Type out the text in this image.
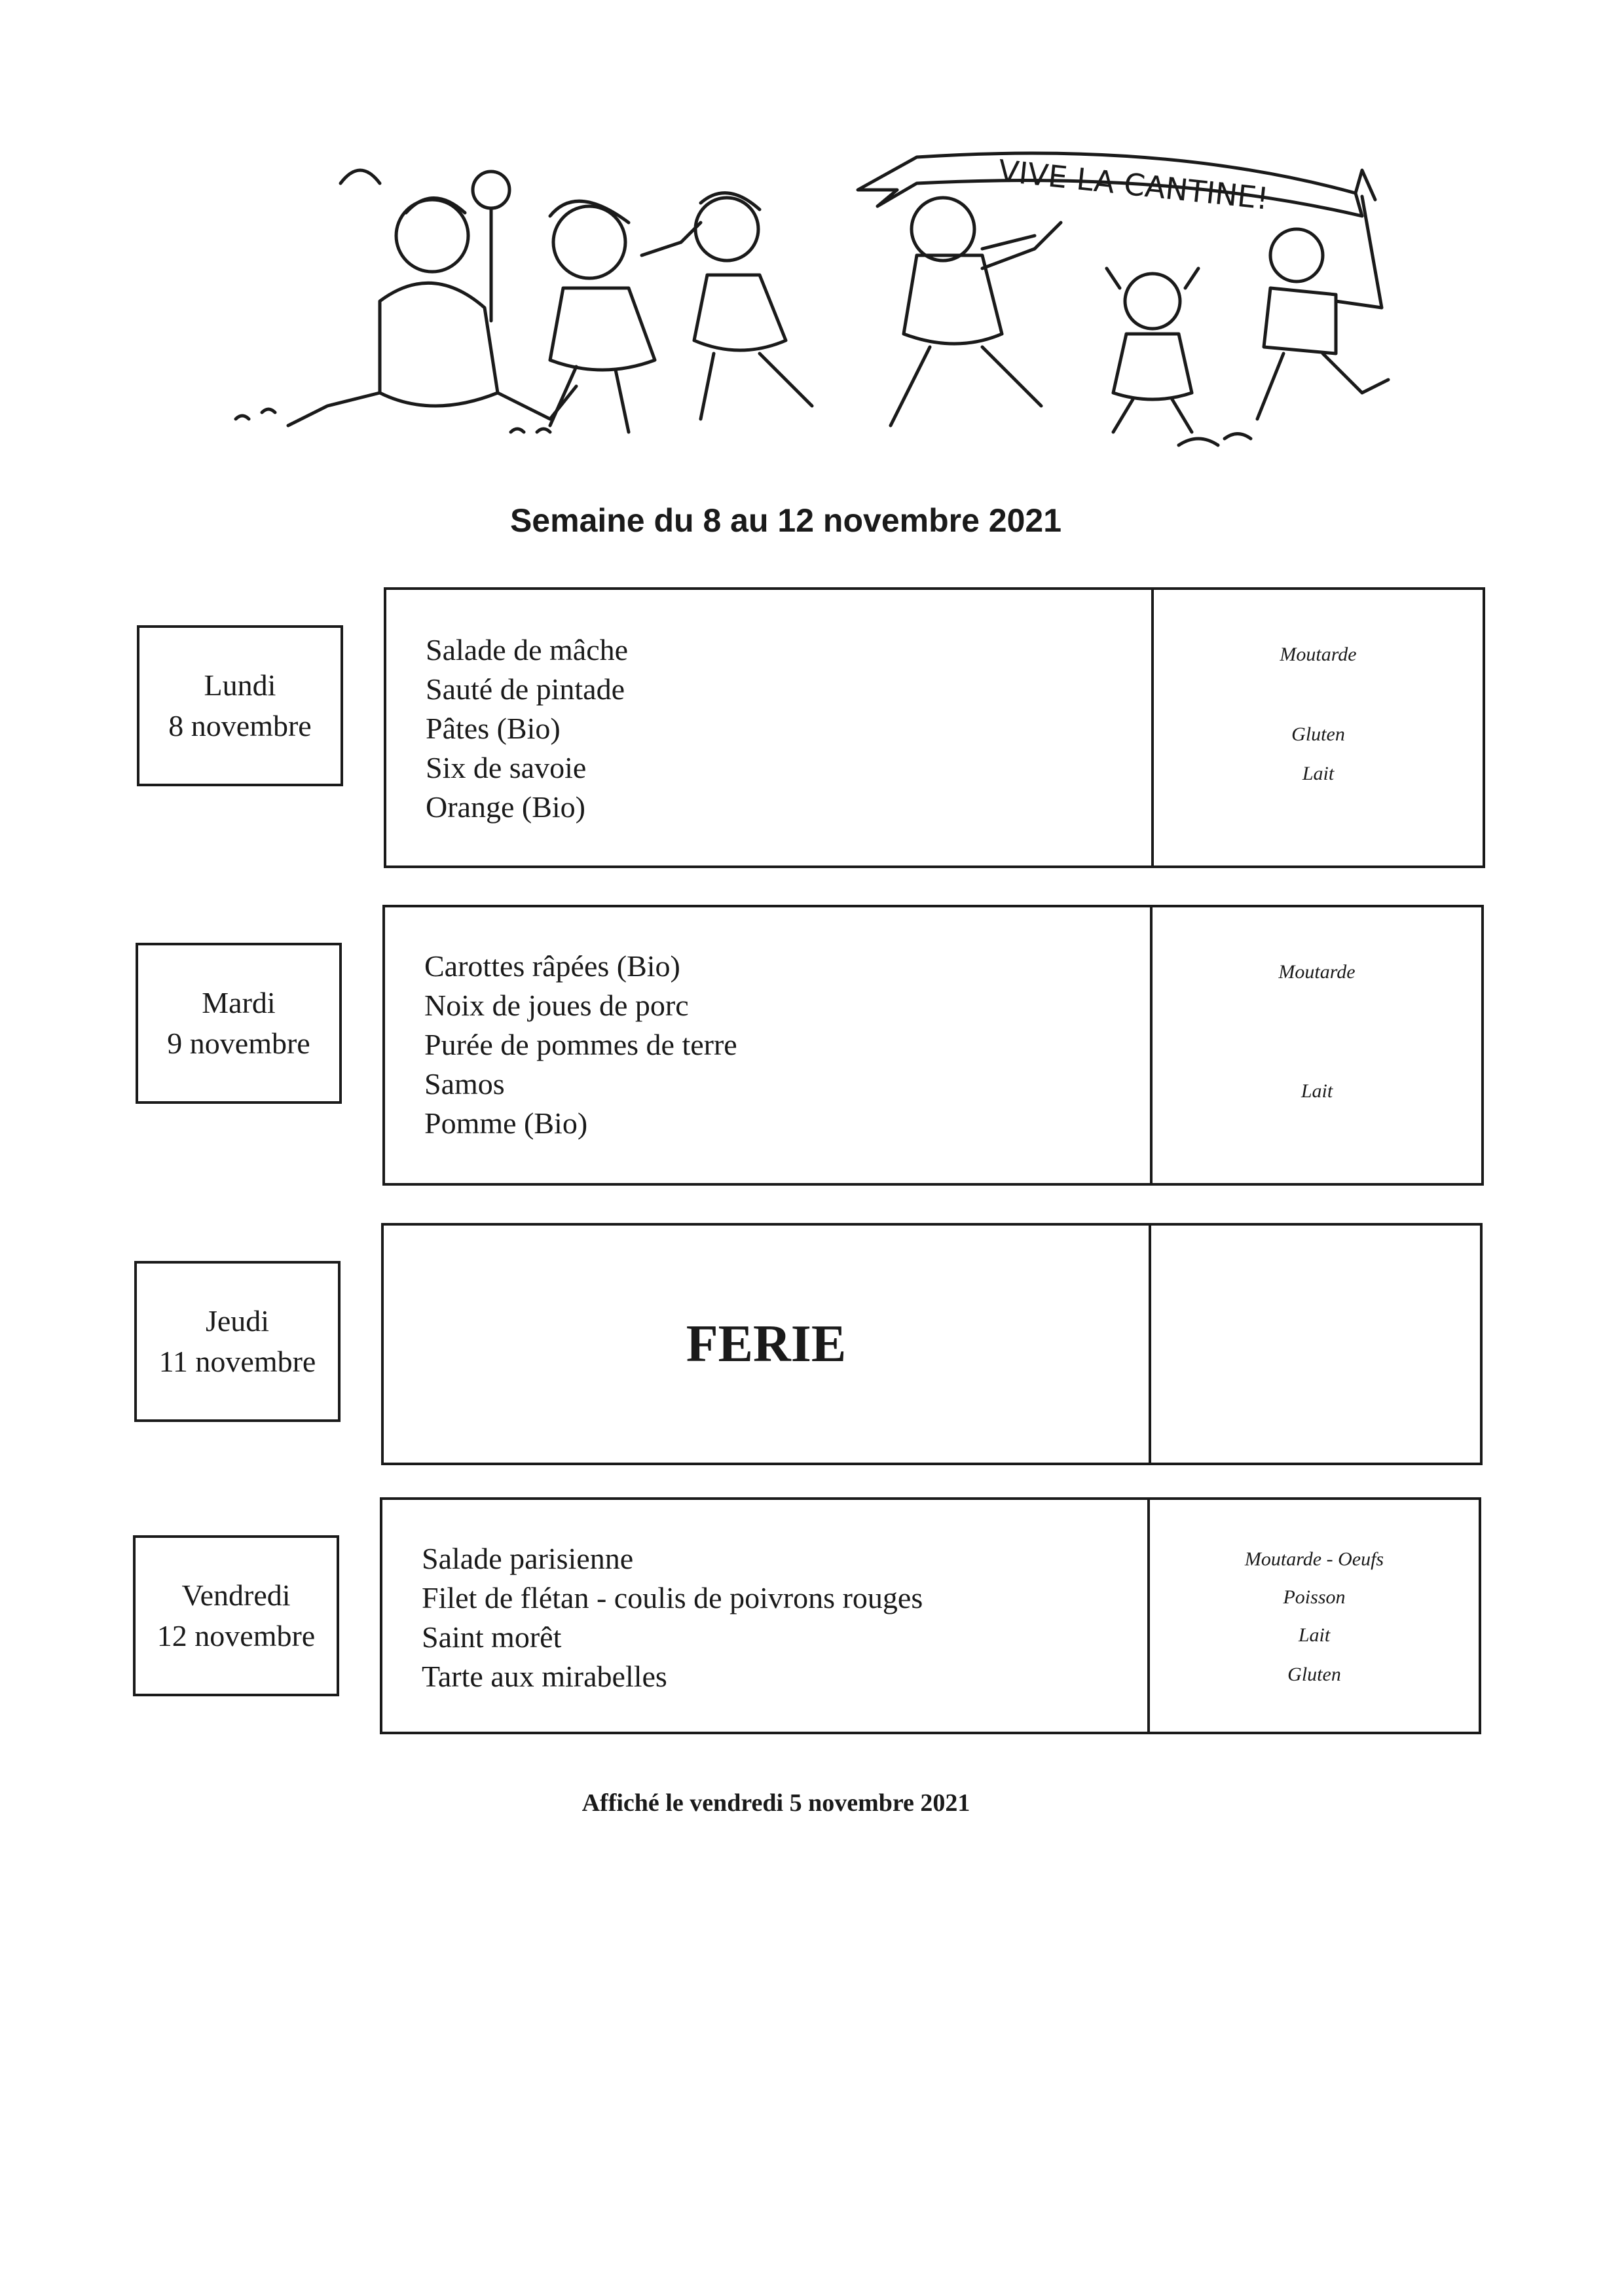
VIVE LA CANTINE!
Semaine du 8 au 12 novembre 2021
Lundi
8 novembre
Salade de mâche
Sauté de pintade
Pâtes (Bio)
Six de savoie
Orange (Bio)
Moutarde
Gluten
Lait
Mardi
9 novembre
Carottes râpées (Bio)
Noix de joues de porc
Purée de pommes de terre
Samos
Pomme (Bio)
Moutarde
Lait
Jeudi
11 novembre	FERIE
Vendredi
12 novembre
Salade parisienne
Filet de flétan - coulis de poivrons rouges
Saint morêt
Tarte aux mirabelles
Moutarde - Oeufs
Poisson
Lait
Gluten
Affiché le vendredi 5 novembre 2021
